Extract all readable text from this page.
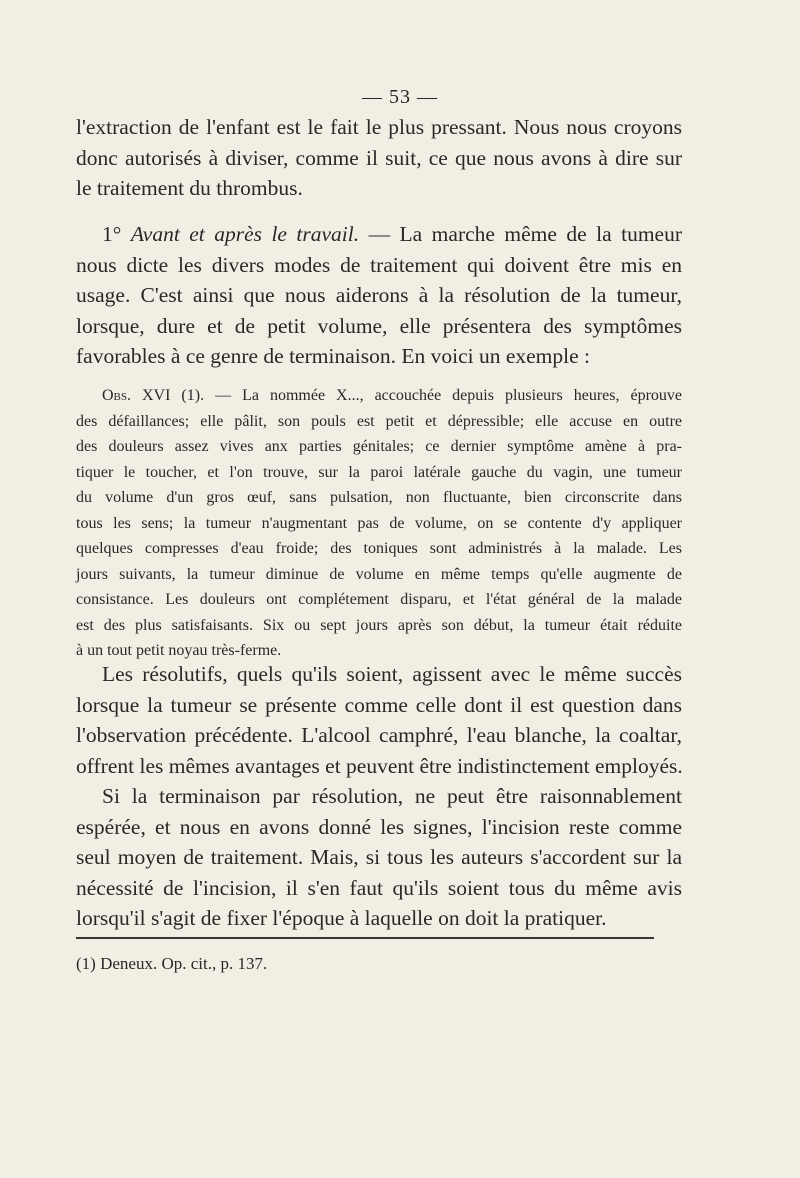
— 53 —
l'extraction de l'enfant est le fait le plus pressant. Nous nous croyons
donc autorisés à diviser, comme il suit, ce que nous avons à dire sur
le traitement du thrombus.
1° Avant et après le travail. — La marche même de la tumeur
nous dicte les divers modes de traitement qui doivent être mis en
usage. C'est ainsi que nous aiderons à la résolution de la tumeur,
lorsque, dure et de petit volume, elle présentera des symptômes
favorables à ce genre de terminaison. En voici un exemple :
Obs. XVI (1). — La nommée X..., accouchée depuis plusieurs heures, éprouve
des défaillances; elle pâlit, son pouls est petit et dépressible; elle accuse en outre
des douleurs assez vives anx parties génitales; ce dernier symptôme amène à pra-
tiquer le toucher, et l'on trouve, sur la paroi latérale gauche du vagin, une tumeur
du volume d'un gros œuf, sans pulsation, non fluctuante, bien circonscrite dans
tous les sens; la tumeur n'augmentant pas de volume, on se contente d'y appliquer
quelques compresses d'eau froide; des toniques sont administrés à la malade. Les
jours suivants, la tumeur diminue de volume en même temps qu'elle augmente de
consistance. Les douleurs ont complétement disparu, et l'état général de la malade
est des plus satisfaisants. Six ou sept jours après son début, la tumeur était réduite
à un tout petit noyau très-ferme.
Les résolutifs, quels qu'ils soient, agissent avec le même succès
lorsque la tumeur se présente comme celle dont il est question dans
l'observation précédente. L'alcool camphré, l'eau blanche, la coaltar,
offrent les mêmes avantages et peuvent être indistinctement employés.
Si la terminaison par résolution, ne peut être raisonnablement
espérée, et nous en avons donné les signes, l'incision reste comme
seul moyen de traitement. Mais, si tous les auteurs s'accordent sur la
nécessité de l'incision, il s'en faut qu'ils soient tous du même avis
lorsqu'il s'agit de fixer l'époque à laquelle on doit la pratiquer.
(1) Deneux. Op. cit., p. 137.
